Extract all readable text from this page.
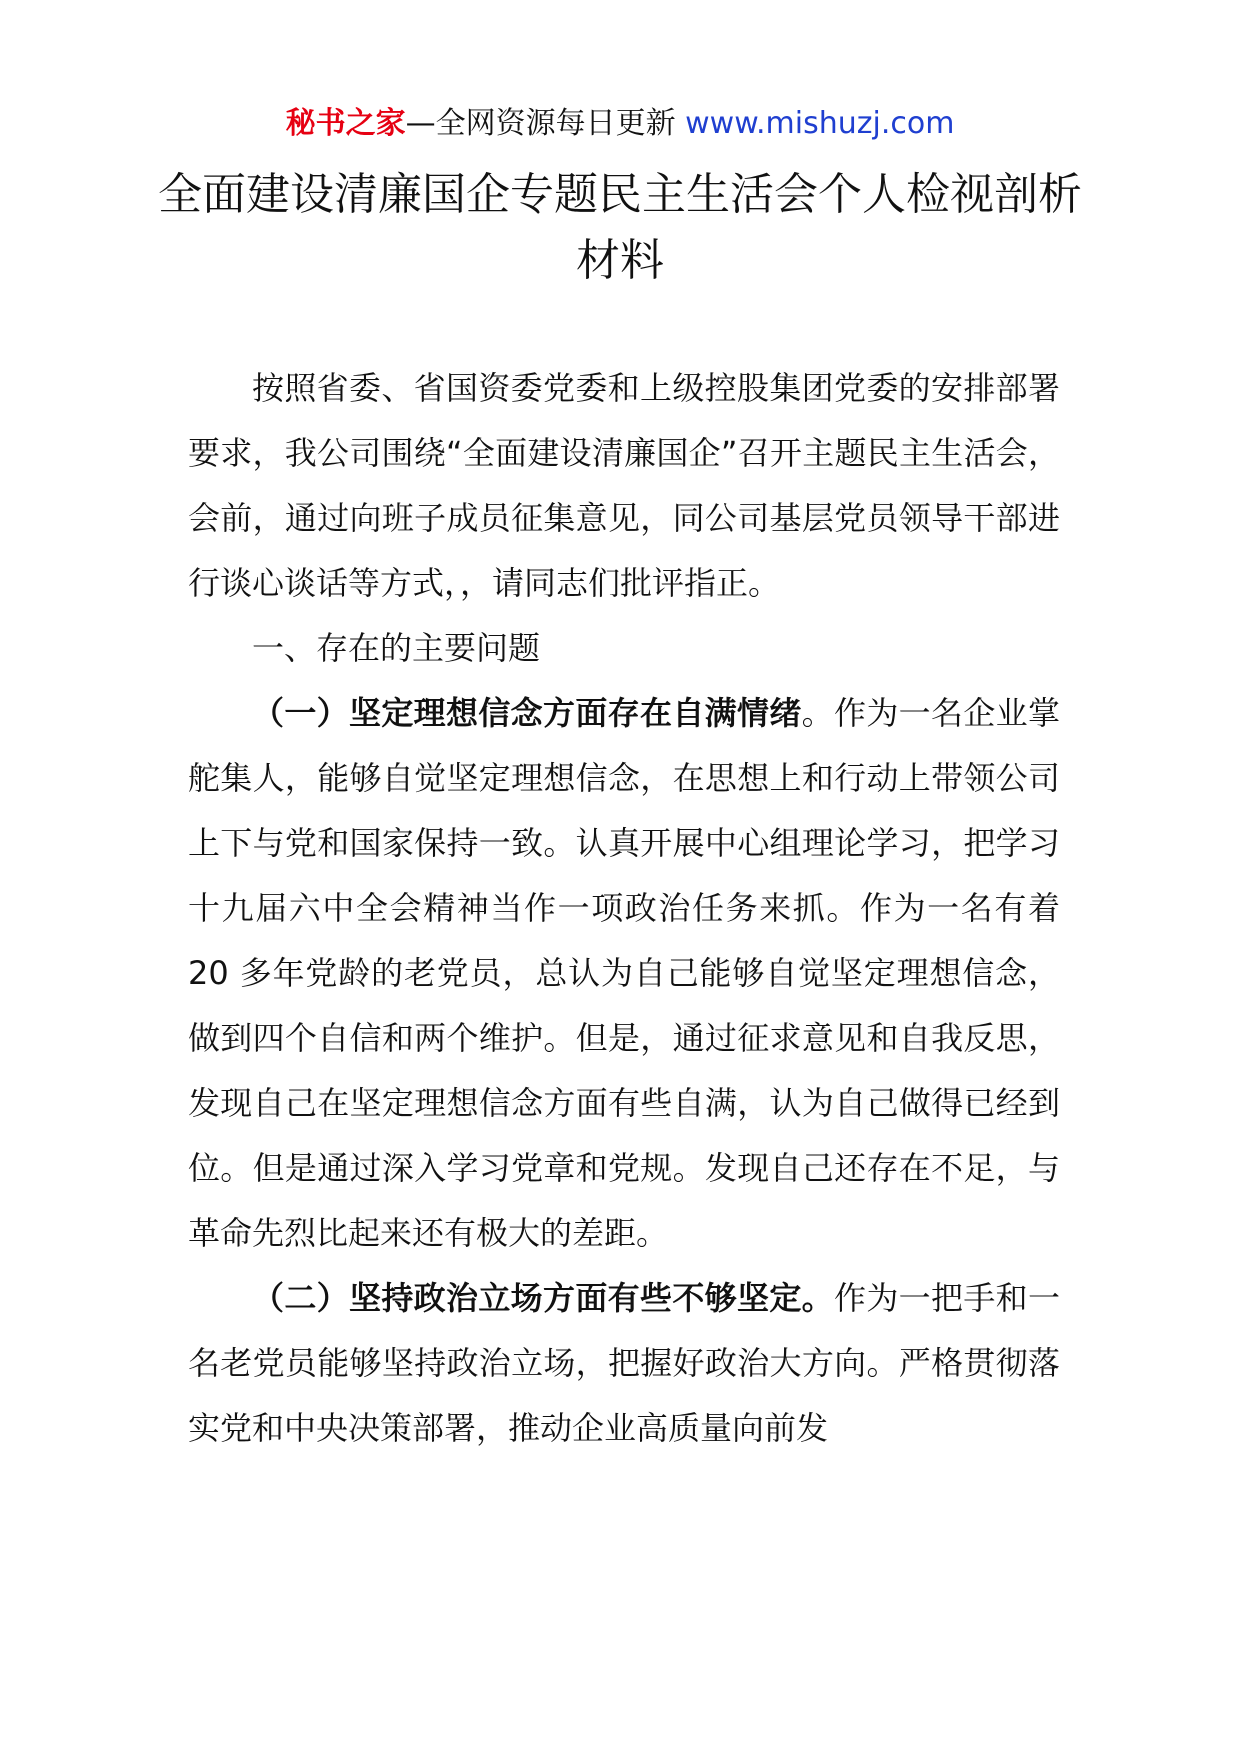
秘书之家—全网资源每日更新 www.mishuzj.com
全面建设清廉国企专题民主生活会个人检视剖析材料

按照省委、省国资委党委和上级控股集团党委的安排部署要求，我公司围绕“全面建设清廉国企”召开主题民主生活会，会前，通过向班子成员征集意见，同公司基层党员领导干部进行谈心谈话等方式，，请同志们批评指正。

一、存在的主要问题

（一）坚定理想信念方面存在自满情绪。作为一名企业掌舵集人，能够自觉坚定理想信念，在思想上和行动上带领公司上下与党和国家保持一致。认真开展中心组理论学习，把学习十九届六中全会精神当作一项政治任务来抓。作为一名有着 20 多年党龄的老党员，总认为自己能够自觉坚定理想信念，做到四个自信和两个维护。但是，通过征求意见和自我反思，发现自己在坚定理想信念方面有些自满，认为自己做得已经到位。但是通过深入学习党章和党规。发现自己还存在不足，与革命先烈比起来还有极大的差距。

（二）坚持政治立场方面有些不够坚定。作为一把手和一名老党员能够坚持政治立场，把握好政治大方向。严格贯彻落实党和中央决策部署，推动企业高质量向前发
